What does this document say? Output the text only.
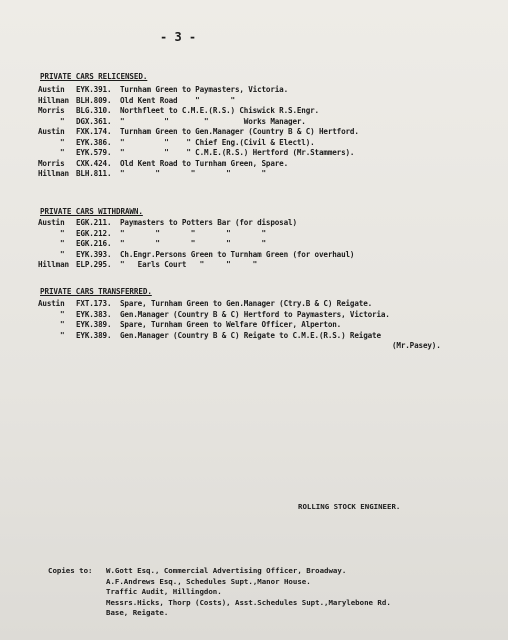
- 3 -
PRIVATE CARS RELICENSED.
Austin EYK.391. Turnham Green to Paymasters, Victoria.
Hillman BLH.809. Old Kent Road    "       "
Morris BLG.310. Northfleet to C.M.E.(R.S.) Chiswick R.S.Engr.
" DGX.361. "         "        "        Works Manager.
Austin FXK.174. Turnham Green to Gen.Manager (Country B & C) Hertford.
" EYK.386. "         "    " Chief Eng.(Civil & Electl).
" EYK.579. "         "    " C.M.E.(R.S.) Hertford (Mr.Stammers).
Morris CXK.424. Old Kent Road to Turnham Green, Spare.
Hillman BLH.811. "       "       "       "       "
PRIVATE CARS WITHDRAWN.
Austin EGK.211. Paymasters to Potters Bar (for disposal)
" EGK.212. "       "       "       "       "
" EGK.216. "       "       "       "       "
" EYK.393. Ch.Engr.Persons Green to Turnham Green (for overhaul)
Hillman ELP.295. "   Earls Court   "     "     "
PRIVATE CARS TRANSFERRED.
Austin FXT.173. Spare, Turnham Green to Gen.Manager (Ctry.B & C) Reigate.
" EYK.383. Gen.Manager (Country B & C) Hertford to Paymasters, Victoria.
" EYK.389. Spare, Turnham Green to Welfare Officer, Alperton.
" EYK.389. Gen.Manager (Country B & C) Reigate to C.M.E.(R.S.) Reigate
(Mr.Pasey).
ROLLING STOCK ENGINEER.
Copies to: W.Gott Esq., Commercial Advertising Officer, Broadway.
A.F.Andrews Esq., Schedules Supt.,Manor House.
Traffic Audit, Hillingdon.
Messrs.Hicks, Thorp (Costs), Asst.Schedules Supt.,Marylebone Rd.
Base, Reigate.
